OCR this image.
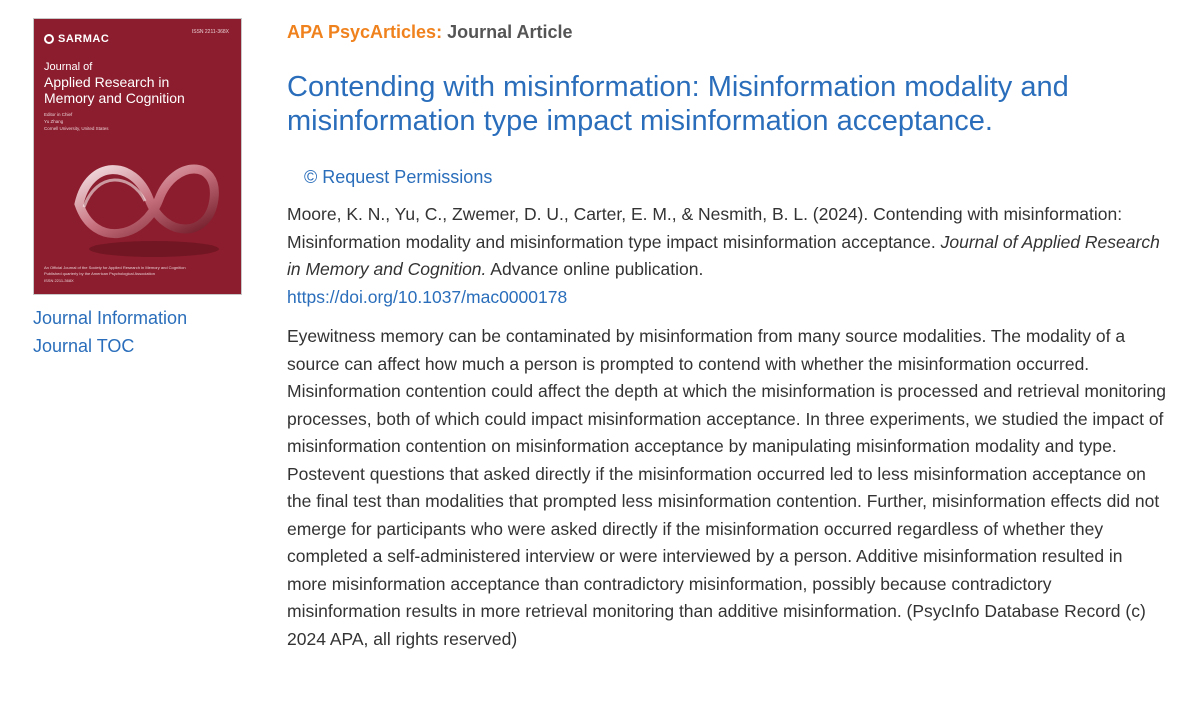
SARMAC
ISSN 2211-368X
Journal of
Applied Research in
Memory and Cognition
Editor in Chief
Yu Zhang
Cornell University, United States
An Official Journal of the Society for Applied Research in Memory and Cognition
Published quarterly by the American Psychological Association
ISSN 2211-368X
Journal Information
Journal TOC
APA PsycArticles: Journal Article
Contending with misinformation: Misinformation modality and misinformation type impact misinformation acceptance.
© Request Permissions
Moore, K. N., Yu, C., Zwemer, D. U., Carter, E. M., & Nesmith, B. L. (2024). Contending with misinformation: Misinformation modality and misinformation type impact misinformation acceptance. Journal of Applied Research in Memory and Cognition. Advance online publication.
https://doi.org/10.1037/mac0000178

Eyewitness memory can be contaminated by misinformation from many source modalities. The modality of a source can affect how much a person is prompted to contend with whether the misinformation occurred. Misinformation contention could affect the depth at which the misinformation is processed and retrieval monitoring processes, both of which could impact misinformation acceptance. In three experiments, we studied the impact of misinformation contention on misinformation acceptance by manipulating misinformation modality and type. Postevent questions that asked directly if the misinformation occurred led to less misinformation acceptance on the final test than modalities that prompted less misinformation contention. Further, misinformation effects did not emerge for participants who were asked directly if the misinformation occurred regardless of whether they completed a self-administered interview or were interviewed by a person. Additive misinformation resulted in more misinformation acceptance than contradictory misinformation, possibly because contradictory misinformation results in more retrieval monitoring than additive misinformation. (PsycInfo Database Record (c) 2024 APA, all rights reserved)
